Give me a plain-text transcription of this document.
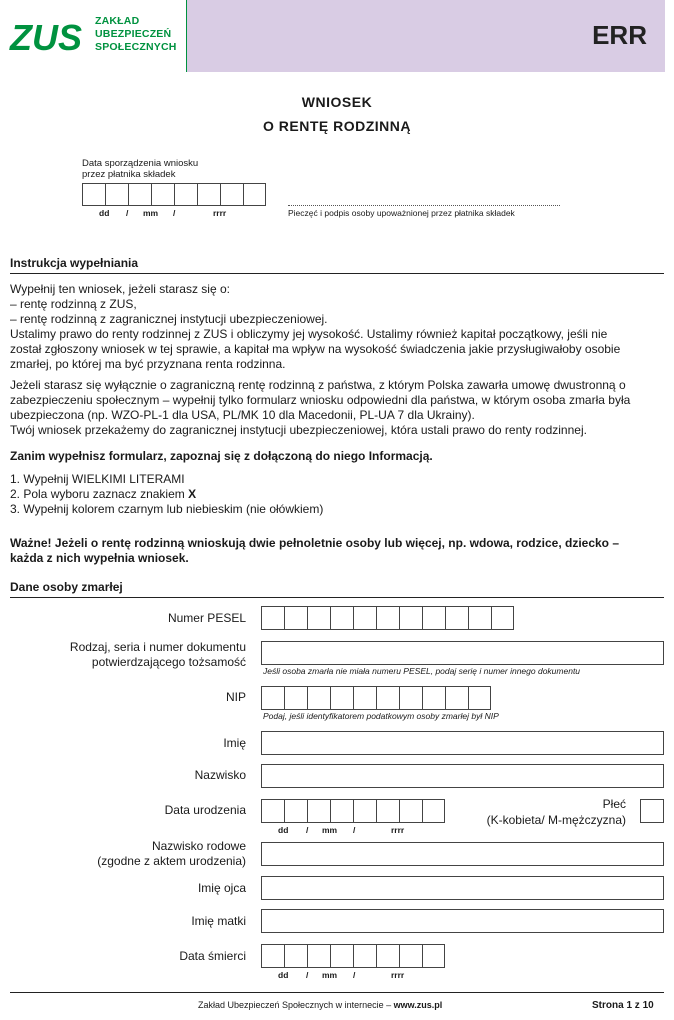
ZUS ZAKŁAD
UBEZPIECZEŃ
SPOŁECZNYCH	ERR
WNIOSEK
O RENTĘ RODZINNĄ
Data sporządzenia wniosku
przez płatnika składek
dd / mm /	rrrr	Pieczęć i podpis osoby upoważnionej przez płatnika składek
Instrukcja wypełniania
Wypełnij ten wniosek, jeżeli starasz się o:
– rentę rodzinną z ZUS,
– rentę rodzinną z zagranicznej instytucji ubezpieczeniowej.
Ustalimy prawo do renty rodzinnej z ZUS i obliczymy jej wysokość. Ustalimy również kapitał początkowy, jeśli nie
został zgłoszony wniosek w tej sprawie, a kapitał ma wpływ na wysokość świadczenia jakie przysługiwałoby osobie
zmarłej, po której ma być przyznana renta rodzinna.
Jeżeli starasz się wyłącznie o zagraniczną rentę rodzinną z państwa, z którym Polska zawarła umowę dwustronną o
zabezpieczeniu społecznym – wypełnij tylko formularz wniosku odpowiedni dla państwa, w którym osoba zmarła była
ubezpieczona (np. WZO-PL-1 dla USA, PL/MK 10 dla Macedonii, PL-UA 7 dla Ukrainy).
Twój wniosek przekażemy do zagranicznej instytucji ubezpieczeniowej, która ustali prawo do renty rodzinnej.
Zanim wypełnisz formularz, zapoznaj się z dołączoną do niego Informacją.
1. Wypełnij WIELKIMI LITERAMI
2. Pola wyboru zaznacz znakiem X
3. Wypełnij kolorem czarnym lub niebieskim (nie ołówkiem)
Ważne! Jeżeli o rentę rodzinną wnioskują dwie pełnoletnie osoby lub więcej, np. wdowa, rodzice, dziecko –
każda z nich wypełnia wniosek.
Dane osoby zmarłej
Numer PESEL
Rodzaj, seria i numer dokumentu
potwierdzającego tożsamość
Jeśli osoba zmarła nie miała numeru PESEL, podaj serię i numer innego dokumentu
NIP
Podaj, jeśli identyfikatorem podatkowym osoby zmarłej był NIP
Imię
Nazwisko
Data urodzenia
dd / mm /	rrrr
Płeć
(K-kobieta/ M-mężczyzna)
Nazwisko rodowe
(zgodne z aktem urodzenia)
Imię ojca
Imię matki
Data śmierci
dd / mm /	rrrr
Zakład Ubezpieczeń Społecznych w internecie – www.zus.pl	Strona 1 z 10
